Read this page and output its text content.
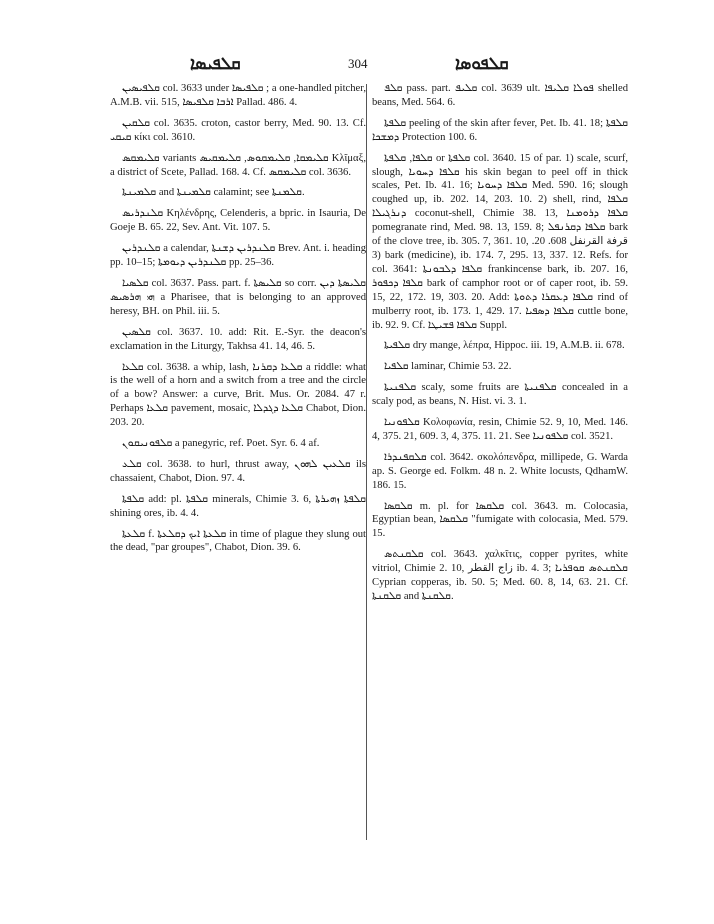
ܩܠܦܝܣܐ	304	ܩܠܦܘܣܐ

ܩܠܦܝܣܝܢ col. 3633 under ܩܠܦܝܣܐ ; a one-handled pitcher, A.M.B. vii. 515, ܐܪܒܐ ܩܠܦܝܣܐ Pallad. 486. 4.

ܩܠܩܝܢ col. 3635. croton, castor berry, Med. 90. 13. Cf. ܩܝܩܝ κίκι col. 3610.

ܩܠܝܡܩܣ variants ܩܠܝܡܩܐ, ܩܠܝܡܩܘܣ, ܩܠܝܡܩܝܣ Κλῖμαξ, a district of Scete, Pallad. 168. 4. Cf. ܩܠܝܡܩܣ col. 3636.

ܩܠܡܝܢܬܐ and ܩܠܡܝܢܬܐ calamint; see ܩܠܡܢܬܐ.

ܩܠܢܕܪܝܣ Κηλένδρης, Celenderis, a bpric. in Isauria, De Goeje B. 65. 22, Sev. Ant. Vit. 107. 5.

ܩܠܢܕܪܝܢ a calendar, ܩܠܢܕܪܝܢ ܕܫܢܬܐ Brev. Ant. i. heading pp. 10–15; ܩܠܢܕܪܝܢ ܕܝܘܡܬܐ pp. 25–36.

ܩܠܣܝܐ col. 3637. Pass. part. f. ܩܠܝܣܬܐ so corr. ܩܠܝܣܬܐ ܕܝܢ ܗܝ ܗܪܣܝܣ a Pharisee, that is belonging to an approved heresy, BH. on Phil. iii. 5.

ܩܠܣܝܢ col. 3637. 10. add: Rit. E.-Syr. the deacon's exclamation in the Liturgy, Takhsa 41. 14, 46. 5.

ܩܠܥܐ col. 3638. a whip, lash, ܩܠܥܐ ܕܩܪܢܐ a riddle: what is the well of a horn and a switch from a tree and the circle of a bow? Answer: a curve, Brit. Mus. Or. 2084. 47 r. Perhaps ܩܠܥܐ pavement, mosaic, ܩܠܥܐ ܕܓܕܠܐ Chabot, Dion. 203. 20.

ܩܠܦܘܢܝܩܘܢ a panegyric, ref. Poet. Syr. 6. 4 af.

ܩܠܥ col. 3638. to hurl, thrust away, ܩܠܥܝܢ ܠܗܘܢ ils chassaient, Chabot, Dion. 97. 4.

ܩܠܦܬܐ add: pl. ܩܠܦܬܐ minerals, Chimie 3. 6, ܩܠܦܬܐ ܙܗܝܪܬܐ shining ores, ib. 4. 4.

ܩܠܥܬܐ f. ܩܠܥܬܐ ܐܝܟ ܕܩܠܥܬܐ in time of plague they slung out the dead, "par groupes", Chabot, Dion. 39. 6.

ܩܠܦ pass. part. ܩܠܝܦ col. 3639 ult. ܦܘܠܐ ܩܠܝܦܐ shelled beans, Med. 564. 6.

ܩܠܦܬܐ peeling of the skin after fever, Pet. Ib. 41. 18; ܩܠܦܬܐ ܕܡܫܟܐ Protection 100. 6.

ܩܠܦܐ, ܩܠܦܬܐ or ܩܠܦܬܐ col. 3640. 15 of par. 1) scale, scurf, slough, ܩܠܦܐ ܕܚܘܝܐ his skin began to peel off in thick scales, Pet. Ib. 41. 16; ܩܠܦܐ ܕܚܘܝܐ Med. 590. 16; slough coughed up, ib. 202. 14, 203. 10. 2) shell, rind, ܩܠܦܐ ܕܢܪܓܝܠܐ coconut-shell, Chimie 38. 13, ܩܠܦܐ ܕܪܘܡܢܐ pomegranate rind, Med. 98. 13, 159. 8; ܩܠܦܐ ܕܩܪܢܦܠ bark of the clove tree, ib. 305. 7, 361. 10, قرفة القرنفل 608. 20. 3) bark (medicine), ib. 174. 7, 295. 13, 337. 12. Refs. for col. 3641: ܩܠܦܐ ܕܠܒܘܢܬܐ frankincense bark, ib. 207. 16, ܩܠܦܐ ܕܟܦܘܪ bark of camphor root or of caper root, ib. 59. 15, 22, 172. 19, 303. 20. Add: ܩܠܦܐ ܕܥܩܪܐ ܕܬܘܬܐ rind of mulberry root, ib. 173. 1, 429. 17. ܩܠܦܐ ܕܣܦܝܐ cuttle bone, ib. 92. 9. Cf. ܩܠܦܐ ܦܫܝܛܐ Suppl.

ܩܠܦܝܬܐ dry mange, λέπρα, Hippoc. iii. 19, A.M.B. ii. 678.

ܩܠܦܝܐ laminar, Chimie 53. 22.

ܩܠܦܢܝܬܐ scaly, some fruits are ܩܠܦܢܝܬܐ concealed in a scaly pod, as beans, N. Hist. vi. 3. 1.

ܩܠܦܘܢܝܐ Κολοφωνία, resin, Chimie 52. 9, 10, Med. 146. 4, 375. 21, 609. 3, 4, 375. 11. 21. See ܩܠܦܘܢܝܐ col. 3521.

ܩܠܩܦܢܕܪܐ col. 3642. σκολόπενδρα, millipede, G. Warda ap. S. George ed. Folkm. 48 n. 2. White locusts, QdhamW. 186. 15.

ܩܠܩܣܐ m. pl. for ܩܠܩܣܐ col. 3643. m. Colocasia, Egyptian bean, ܩܠܩܣܐ "fumigate with colocasia, Med. 579. 15.

ܩܠܩܢܬܣ col. 3643. χαλκῖτις, copper pyrites, white vitriol, Chimie 2. 10, زاج القطر ib. 4. 3; ܩܠܩܢܬܣ ܩܘܦܪܝܐ Cyprian copperas, ib. 50. 5; Med. 60. 8, 14, 63. 21. Cf. ܩܠܩܢܬܐ and ܩܠܩܢܬܐ.
